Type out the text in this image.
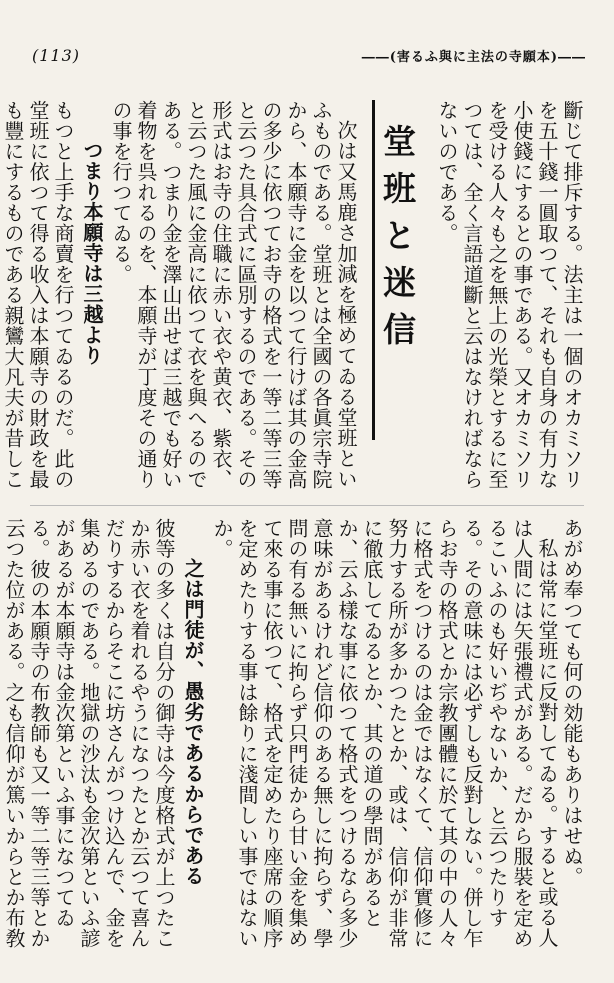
(113)	――(害るふ與に主法の寺願本)――

斷じて排斥する。法主は一個のオカミソリを五十錢一圓取つて、それも自身の有力な小使錢にするとの事である。又オカミソリを受ける人々も之を無上の光榮とするに至つては、全く言語道斷と云はなければならないのである。

堂班と迷信

次は又馬鹿さ加減を極めてゐる堂班といふものである。堂班とは全國の各眞宗寺院から、本願寺に金を以つて行けば其の金高の多少に依つてお寺の格式を一等二等三等と云つた具合式に區別するのである。その形式はお寺の住職に赤い衣や黄衣、紫衣、と云つた風に金高に依つて衣を與へるのである。つまり金を澤山出せば三越でも好い着物を呉れるのを、本願寺が丁度その通りの事を行つてゐる。

つまり本願寺は三越より

もつと上手な商賣を行つてゐるのだ。此の堂班に依つて得る收入は本願寺の財政を最も豐にするものである親鸞大凡夫が昔しこ

あがめ奉つても何の効能もありはせぬ。

私は常に堂班に反對してゐる。すると或る人は人間には矢張禮式がある。だから服裝を定めるこいふのも好いぢやないか、と云つたりする。その意味には必ずしも反對しない。併し乍らお寺の格式とか宗教團體に於て其の中の人々に格式をつけるのは金ではなくて、信仰實修に努力する所が多かつたとか、或は、信仰が非常に徹底してゐるとか、其の道の學問があるとか、云ふ樣な事に依つて格式をつけるなら多少意味があるけれど信仰のある無しに拘らず、學問の有る無いに拘らず只門徒から甘い金を集めて來る事に依つて、格式を定めたり座席の順序を定めたりする事は餘りに淺間しい事ではないか。

之は門徒が、愚劣であるからである

彼等の多くは自分の御寺は今度格式が上つたこか赤い衣を着れるやうになつたとか云つて喜んだりするからそこに坊さんがつけ込んで、金を集めるのである。地獄の沙汰も金次第といふ諺があるが本願寺は金次第といふ事になつてゐる。彼の本願寺の布教師も又一等二等三等とか云つた位がある。之も信仰が篤いからとか布敎
